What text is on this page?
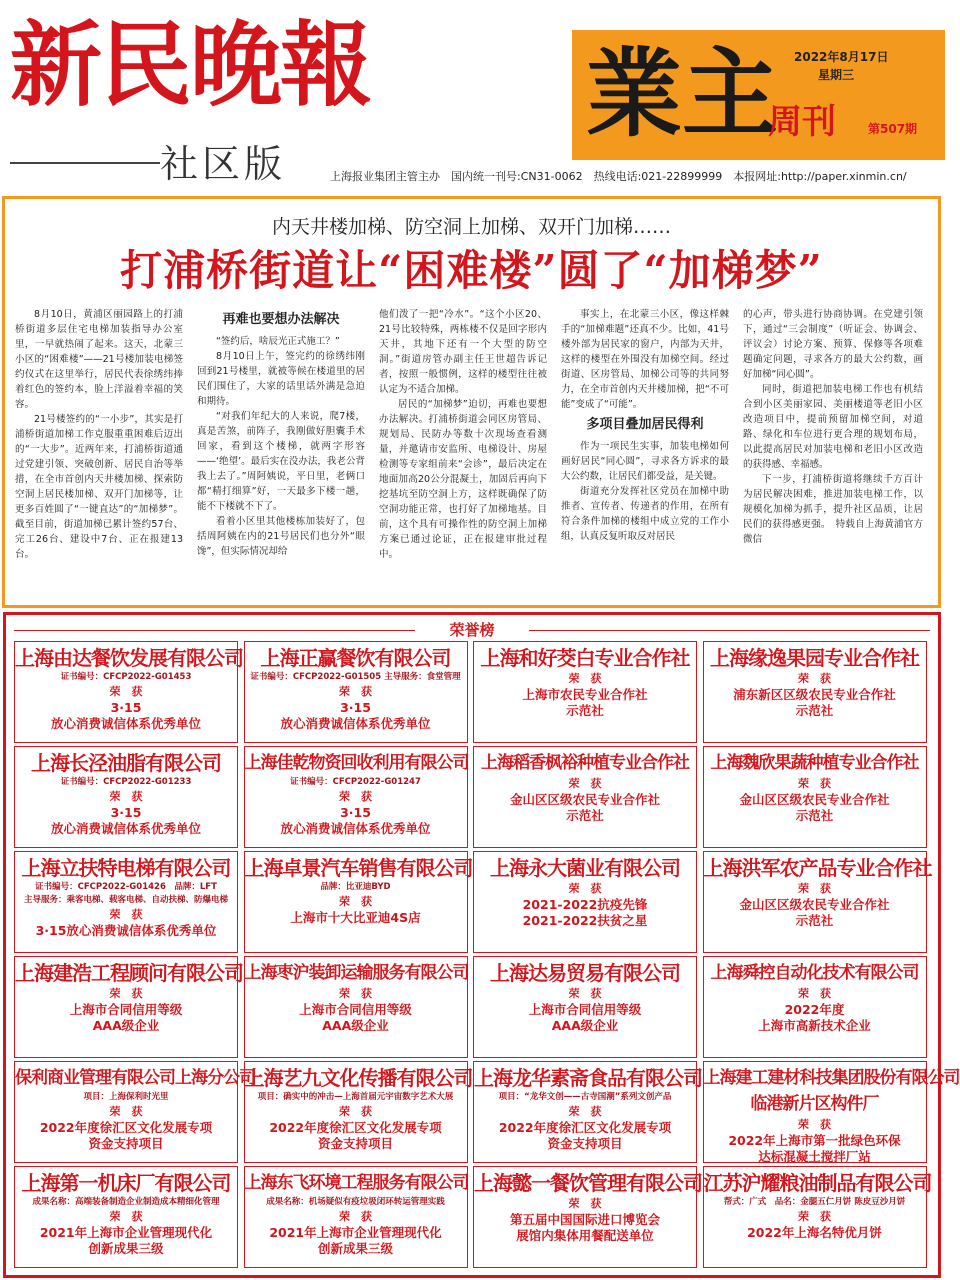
新民晚報
社区版	上海报业集团主管主办　国内统一刊号:CN31-0062　热线电话:021-22899999　本报网址:http://paper.xinmin.cn/
業主
周刊	第507期
2022年8月17日
星期三
内天井楼加梯、防空洞上加梯、双开门加梯……
打浦桥街道让“困难楼”圆了“加梯梦”

8月10日，黄浦区丽园路上的打浦桥街道多层住宅电梯加装指导办公室里，一早就热闹了起来。这天，北蒙三小区的“困难楼”——21号楼加装电梯签约仪式在这里举行，居民代表徐绣纬捧着红色的签约本，脸上洋溢着幸福的笑容。

21号楼签约的“一小步”，其实是打浦桥街道加梯工作克服重重困难后迈出的“一大步”。近两年来，打浦桥街道通过党建引领、突破创新、居民自治等举措，在全市首创内天井楼加梯、探索防空洞上居民楼加梯、双开门加梯等，让更多百姓圆了“一键直达”的“加梯梦”。截至目前，街道加梯已累计签约57台、完工26台、建设中7台、正在报建13台。

再难也要想办法解决

“签约后，啥辰光正式施工？”

8月10日上午，签完约的徐绣纬刚回到21号楼里，就被等候在楼道里的居民们围住了，大家的话里话外满是急迫和期待。

“对我们年纪大的人来说，爬7楼，真是苦煞，前阵子，我刚做好胆囊手术回家，看到这个楼梯，就两字形容——‘绝望’。最后实在没办法，我老公背我上去了。”周阿姨说，平日里，老俩口都“精打细算”好，一天最多下楼一趟，能不下楼就不下了。

看着小区里其他楼栋加装好了，包括周阿姨在内的21号居民们也分外“眼馋”，但实际情况却给

他们泼了一把“冷水”。“这个小区20、21号比较特殊，两栋楼不仅是回字形内天井，其地下还有一个大型的防空洞。”街道房管办副主任王世超告诉记者，按照一般惯例，这样的楼型往往被认定为不适合加梯。

居民的“加梯梦”迫切，再难也要想办法解决。打浦桥街道会同区房管局、规划局、民防办等数十次现场查看测量，并邀请市安监所、电梯设计、房屋检测等专家组前来“会诊”，最后决定在地面加高20公分混凝土，加固后再向下挖基坑至防空洞上方，这样既确保了防空洞功能正常，也打好了加梯地基。目前，这个具有可操作性的防空洞上加梯方案已通过论证，正在报建审批过程中。

事实上，在北蒙三小区，像这样棘手的“加梯难题”还真不少。比如，41号楼外部为居民家的窗户，内部为天井，这样的楼型在外围没有加梯空间。经过街道、区房管局、加梯公司等的共同努力，在全市首创内天井楼加梯，把“不可能”变成了“可能”。

多项目叠加居民得利

作为一项民生实事，加装电梯如何画好居民“同心圆”，寻求各方诉求的最大公约数，让居民们都受益，是关键。

街道充分发挥社区党员在加梯中助推者、宣传者、传递者的作用，在所有符合条件加梯的楼组中成立党的工作小组，认真反复听取反对居民

的心声，带头进行协商协调。在党建引领下，通过“三会制度”（听证会、协调会、评议会）讨论方案、预算、保修等各项难题确定问题，寻求各方的最大公约数，画好加梯“同心圆”。

同时，街道把加装电梯工作也有机结合到小区美丽家园、美丽楼道等老旧小区改造项目中，提前预留加梯空间，对道路、绿化和车位进行更合理的规划布局，以此提高居民对加装电梯和老旧小区改造的获得感、幸福感。

下一步，打浦桥街道将继续千方百计为居民解决困难，推进加装电梯工作，以规模化加梯为抓手，提升社区品质，让居民们的获得感更强。　特载自上海黄浦官方微信

荣誉榜
上海由达餐饮发展有限公司
证书编号：CFCP2022-G01453
荣　获
3·15
放心消费诚信体系优秀单位
上海正赢餐饮有限公司
证书编号：CFCP2022-G01505 主导服务：食堂管理
荣　获
3·15
放心消费诚信体系优秀单位
上海和好茭白专业合作社
荣　获
上海市农民专业合作社
示范社
上海缘逸果园专业合作社
荣　获
浦东新区区级农民专业合作社
示范社
上海长泾油脂有限公司
证书编号：CFCP2022-G01233
荣　获
3·15
放心消费诚信体系优秀单位
上海佳乾物资回收利用有限公司
证书编号：CFCP2022-G01247
荣　获
3·15
放心消费诚信体系优秀单位
上海稻香枫裕种植专业合作社
荣　获
金山区区级农民专业合作社
示范社
上海魏欣果蔬种植专业合作社
荣　获
金山区区级农民专业合作社
示范社
上海立扶特电梯有限公司
证书编号：CFCP2022-G01426　品牌：LFT
主导服务：乘客电梯、载客电梯、自动扶梯、防爆电梯
荣　获
3·15放心消费诚信体系优秀单位
上海卓景汽车销售有限公司
品牌：比亚迪BYD
荣　获
上海市十大比亚迪4S店
上海永大菌业有限公司
荣　获
2021-2022抗疫先锋
2021-2022扶贫之星
上海洪军农产品专业合作社
荣　获
金山区区级农民专业合作社
示范社
上海建浩工程顾问有限公司
荣　获
上海市合同信用等级
AAA级企业
上海枣沪装卸运输服务有限公司
荣　获
上海市合同信用等级
AAA级企业
上海达易贸易有限公司
荣　获
上海市合同信用等级
AAA级企业
上海舜控自动化技术有限公司
荣　获
2022年度
上海市高新技术企业
保利商业管理有限公司上海分公司
项目：上海保利时光里
荣　获
2022年度徐汇区文化发展专项
资金支持项目
上海艺九文化传播有限公司
项目：确实中的冲击—上海首届元宇宙数字艺术大展
荣　获
2022年度徐汇区文化发展专项
资金支持项目
上海龙华素斋食品有限公司
项目：“龙华文创——古寺国潮”系列文创产品
荣　获
2022年度徐汇区文化发展专项
资金支持项目
上海建工建材科技集团股份有限公司
临港新片区构件厂
荣　获
2022年上海市第一批绿色环保
达标混凝土搅拌厂站
上海第一机床厂有限公司
成果名称：高端装备制造企业制造成本精细化管理
荣　获
2021年上海市企业管理现代化
创新成果三级
上海东飞环境工程服务有限公司
成果名称：机场疑似有疫垃圾闭环转运管理实践
荣　获
2021年上海市企业管理现代化
创新成果三级
上海懿一餐饮管理有限公司
荣　获
第五届中国国际进口博览会
展馆内集体用餐配送单位
江苏沪耀粮油制品有限公司
帮式：广式　品名：金腿五仁月饼 陈皮豆沙月饼
荣　获
2022年上海名特优月饼
